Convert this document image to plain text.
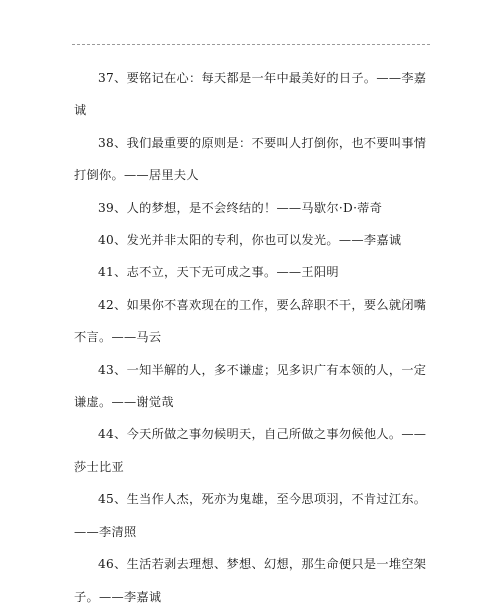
37、要铭记在心：每天都是一年中最美好的日子。——李嘉诚

38、我们最重要的原则是：不要叫人打倒你，也不要叫事情打倒你。——居里夫人

39、人的梦想，是不会终结的！——马歇尔·D·蒂奇

40、发光并非太阳的专利，你也可以发光。——李嘉诚

41、志不立，天下无可成之事。——王阳明

42、如果你不喜欢现在的工作，要么辞职不干，要么就闭嘴不言。——马云

43、一知半解的人，多不谦虚；见多识广有本领的人，一定谦虚。——谢觉哉

44、今天所做之事勿候明天，自己所做之事勿候他人。——莎士比亚

45、生当作人杰，死亦为鬼雄，至今思项羽，不肯过江东。——李清照

46、生活若剥去理想、梦想、幻想，那生命便只是一堆空架子。——李嘉诚
